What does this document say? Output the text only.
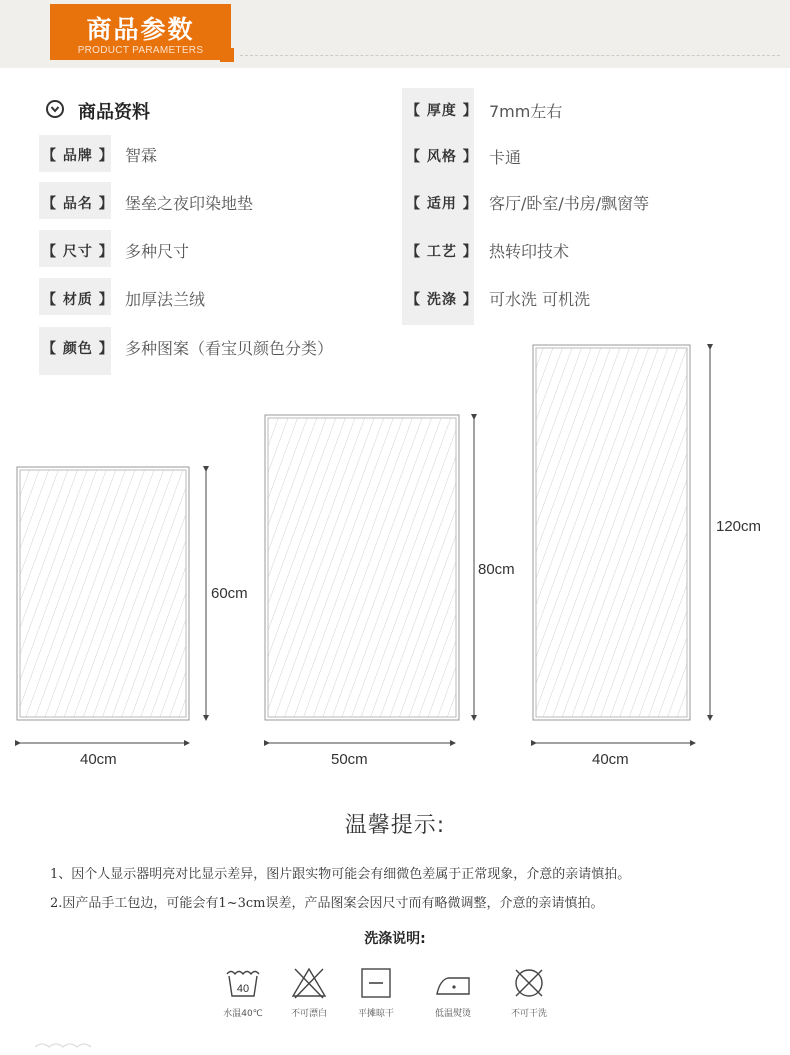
商品参数
PRODUCT PARAMETERS
商品资料
【 品牌 】 智霖
【 品名 】 堡垒之夜印染地垫
【 尺寸 】 多种尺寸
【 材质 】 加厚法兰绒
【 颜色 】 多种图案（看宝贝颜色分类）
【 厚度 】 7mm左右
【 风格 】 卡通
【 适用 】 客厅/卧室/书房/飘窗等
【 工艺 】 热转印技术
【 洗涤 】 可水洗 可机洗
60cm
40cm
80cm
50cm
120cm
40cm
温馨提示:
1、因个人显示器明亮对比显示差异，图片跟实物可能会有细微色差属于正常现象，介意的亲请慎拍。
2.因产品手工包边，可能会有1~3cm误差，产品图案会因尺寸而有略微调整，介意的亲请慎拍。
洗涤说明:
40
水温40℃	不可漂白	平摊晾干	低温熨烫	不可干洗
